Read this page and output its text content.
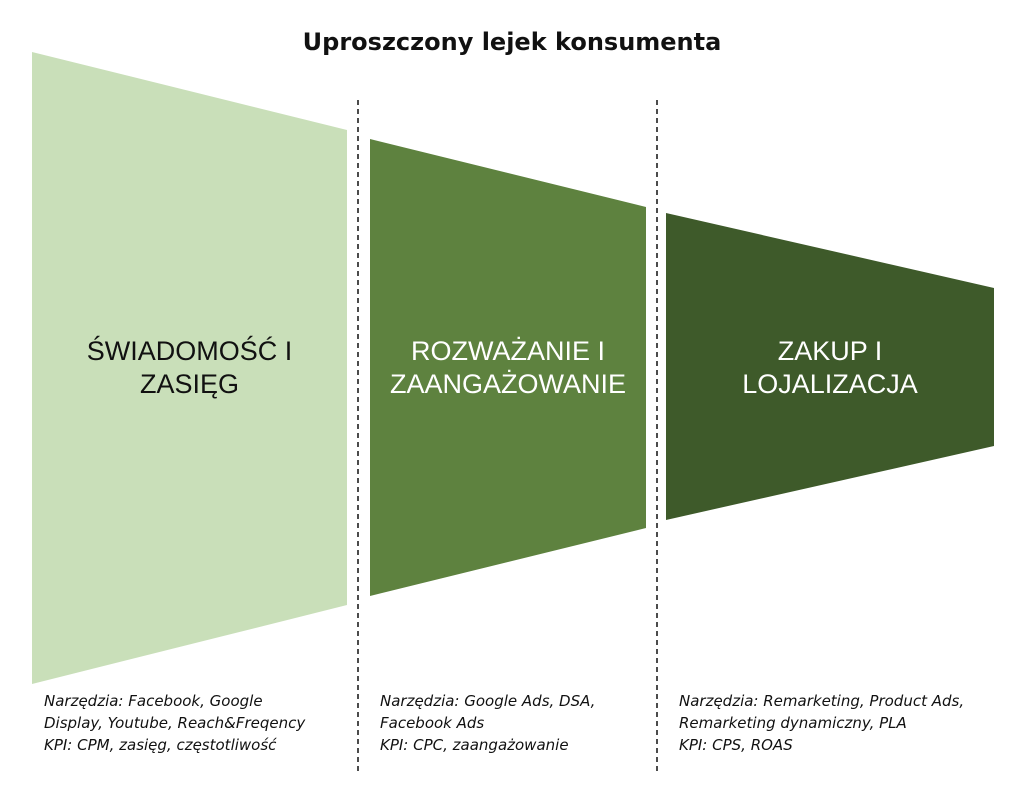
Uproszczony lejek konsumenta
ŚWIADOMOŚĆ I
ZASIĘG
ROZWAŻANIE I
ZAANGAŻOWANIE
ZAKUP I
LOJALIZACJA
Narzędzia: Facebook, Google
Display, Youtube, Reach&Freqency
KPI: CPM, zasięg, częstotliwość
Narzędzia: Google Ads, DSA,
Facebook Ads
KPI: CPC, zaangażowanie
Narzędzia: Remarketing, Product Ads,
Remarketing dynamiczny, PLA
KPI: CPS, ROAS
